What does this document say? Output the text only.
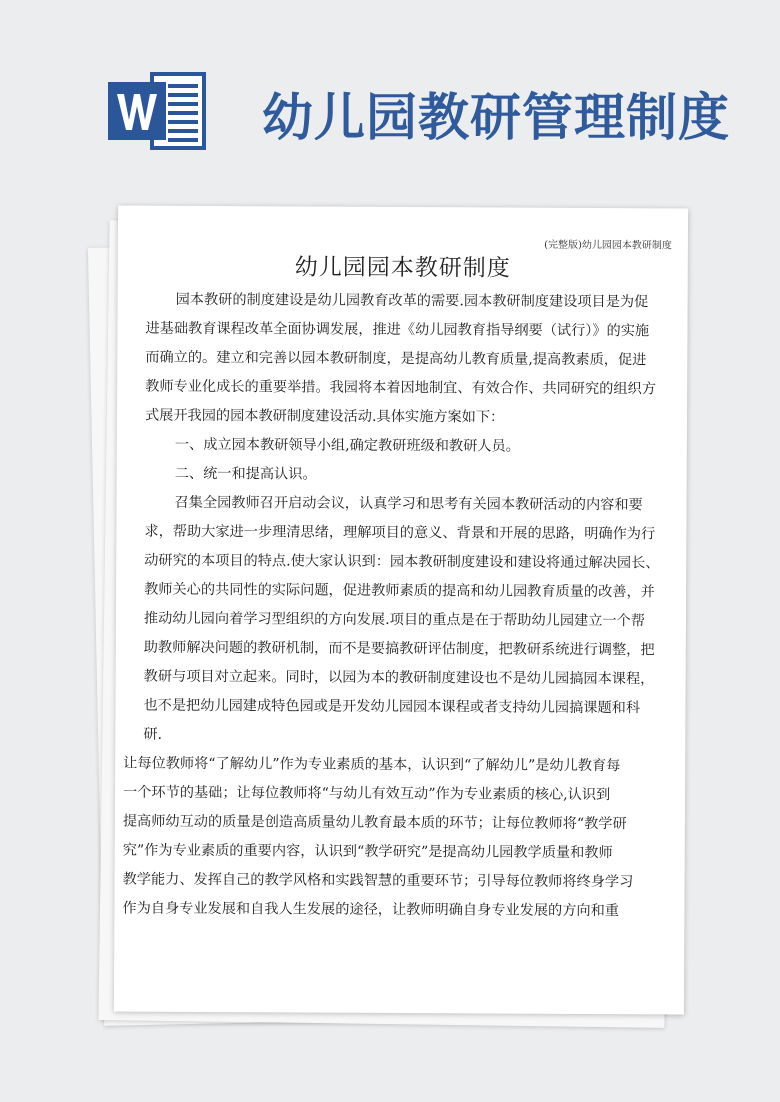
幼儿园教研管理制度
(完整版)幼儿园园本教研制度
幼儿园园本教研制度
园本教研的制度建设是幼儿园教育改革的需要.园本教研制度建设项目是为促
进基础教育课程改革全面协调发展，推进《幼儿园教育指导纲要（试行）》的实施
而确立的。建立和完善以园本教研制度，是提高幼儿教育质量,提高教素质，促进
教师专业化成长的重要举措。我园将本着因地制宜、有效合作、共同研究的组织方
式展开我园的园本教研制度建设活动.具体实施方案如下：
一、成立园本教研领导小组,确定教研班级和教研人员。
二、统一和提高认识。
召集全园教师召开启动会议，认真学习和思考有关园本教研活动的内容和要
求，帮助大家进一步理清思绪，理解项目的意义、背景和开展的思路，明确作为行
动研究的本项目的特点.使大家认识到：园本教研制度建设和建设将通过解决园长、
教师关心的共同性的实际问题，促进教师素质的提高和幼儿园教育质量的改善，并
推动幼儿园向着学习型组织的方向发展.项目的重点是在于帮助幼儿园建立一个帮
助教师解决问题的教研机制，而不是要搞教研评估制度，把教研系统进行调整，把
教研与项目对立起来。同时，以园为本的教研制度建设也不是幼儿园搞园本课程，
也不是把幼儿园建成特色园或是开发幼儿园园本课程或者支持幼儿园搞课题和科
研.
让每位教师将“了解幼儿”作为专业素质的基本，认识到“了解幼儿”是幼儿教育每
一个环节的基础；让每位教师将“与幼儿有效互动”作为专业素质的核心,认识到
提高师幼互动的质量是创造高质量幼儿教育最本质的环节；让每位教师将“教学研
究”作为专业素质的重要内容，认识到“教学研究”是提高幼儿园教学质量和教师
教学能力、发挥自己的教学风格和实践智慧的重要环节；引导每位教师将终身学习
作为自身专业发展和自我人生发展的途径，让教师明确自身专业发展的方向和重
